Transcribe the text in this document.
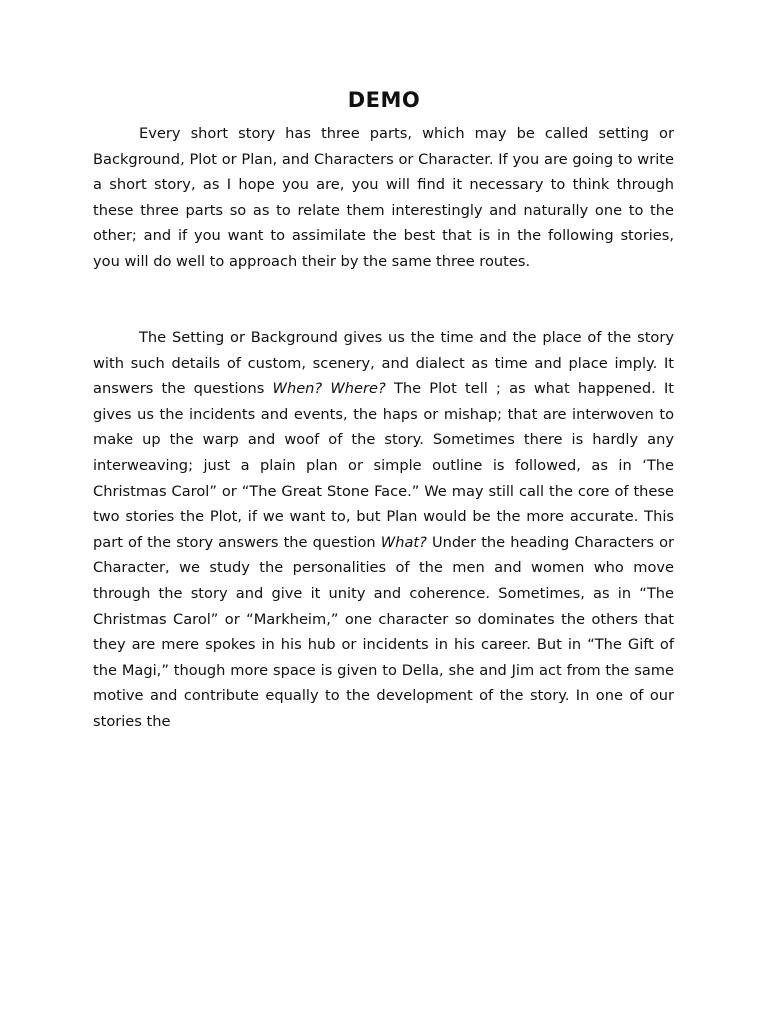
DEMO

Every short story has three parts, which may be called setting or Background, Plot or Plan, and Characters or Character. If you are going to write a short story, as I hope you are, you will find it necessary to think through these three parts so as to relate them interestingly and naturally one to the other; and if you want to assimilate the best that is in the following stories, you will do well to approach their by the same three routes.

The Setting or Background gives us the time and the place of the story with such details of custom, scenery, and dialect as time and place imply. It answers the questions When? Where? The Plot tell ; as what happened. It gives us the incidents and events, the haps or mishap; that are interwoven to make up the warp and woof of the story. Sometimes there is hardly any interweaving; just a plain plan or simple outline is followed, as in ‘The Christmas Carol” or “The Great Stone Face.” We may still call the core of these two stories the Plot, if we want to, but Plan would be the more accurate. This part of the story answers the question What? Under the heading Characters or Character, we study the personalities of the men and women who move through the story and give it unity and coherence. Sometimes, as in “The Christmas Carol” or “Markheim,” one character so dominates the others that they are mere spokes in his hub or incidents in his career. But in “The Gift of the Magi,” though more space is given to Della, she and Jim act from the same motive and contribute equally to the development of the story. In one of our stories the
